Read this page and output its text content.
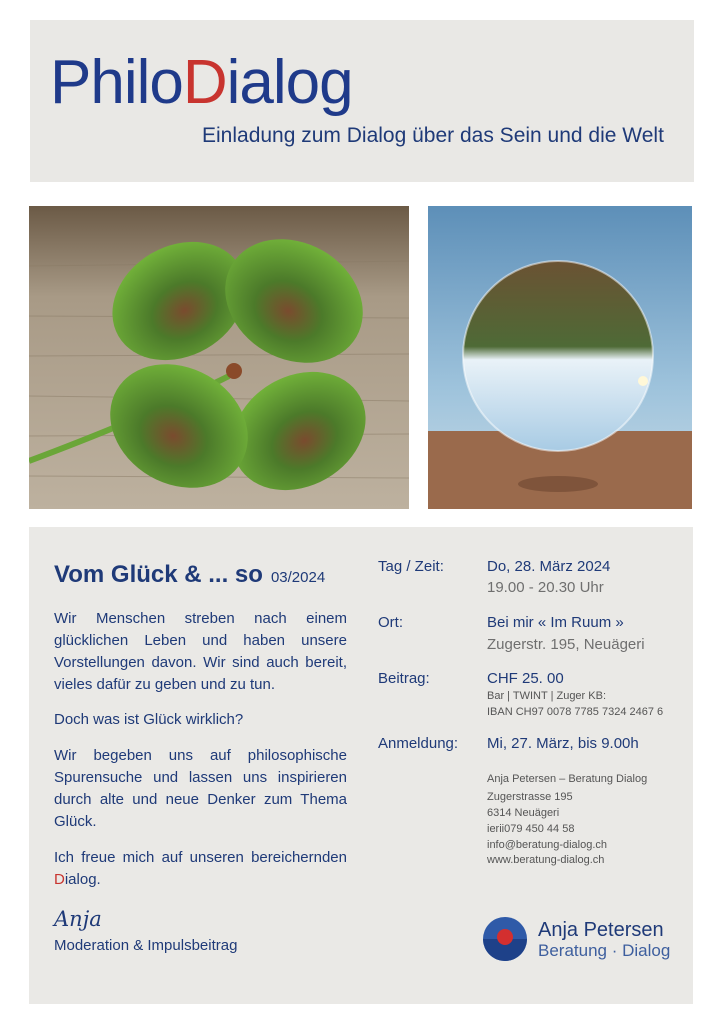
PhiloDialog
Einladung zum Dialog über das Sein und die Welt
Vom Glück & ... so 03/2024

Wir Menschen streben nach einem glücklichen Leben und haben unsere Vorstellungen davon. Wir sind auch bereit, vieles dafür zu geben und zu tun.

Doch was ist Glück wirklich?

Wir begeben uns auf philosophische Spurensuche und lassen uns inspirieren durch alte und neue Denker zum Thema Glück.

Ich freue mich auf unseren bereichernden Dialog.

Anja
Moderation & Impulsbeitrag
Tag / Zeit:	Do, 28. März 2024
19.00 - 20.30 Uhr
Ort:	Bei mir « Im Ruum »
Zugerstr. 195, Neuägeri
Beitrag:	CHF 25. 00
Bar | TWINT | Zuger KB:
IBAN CH97 0078 7785 7324 2467 6
Anmeldung: Mi, 27. März, bis 9.00h
Anja Petersen – Beratung Dialog
Zugerstrasse 195
6314 Neuägeri
ierii079 450 44 58
info@beratung-dialog.ch
www.beratung-dialog.ch
Anja Petersen
Beratung · Dialog
